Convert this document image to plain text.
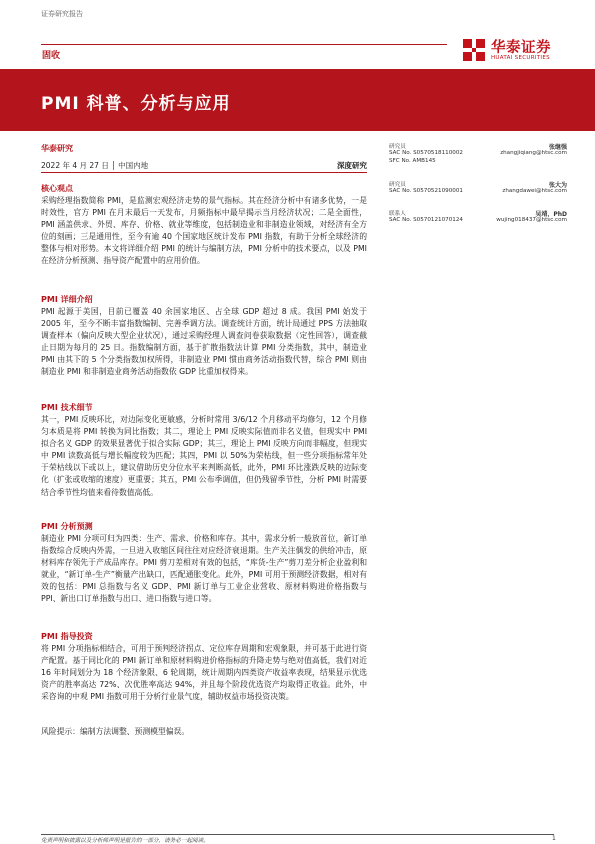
证券研究报告
华泰证券
HUATAI SECURITIES
固收
PMI 科普、分析与应用
华泰研究
2022 年 4 月 27 日 │ 中国内地	深度研究
研究员	张继强
SAC No. S0570518110002	zhangjiqiang@htsc.com
SFC No. AMB145
研究员	张大为
SAC No. S0570521090001	zhangdawei@htsc.com
联系人	吴靖，PhD
SAC No. S0570121070124	wujing018437@htsc.com
核心观点
采购经理指数简称 PMI，是监测宏观经济走势的景气指标。其在经济分析中有诸多优势，一是时效性，官方 PMI 在月末最后一天发布，月频指标中最早揭示当月经济状况；二是全面性，PMI 涵盖供求、外贸、库存、价格、就业等维度，包括制造业和非制造业领域，对经济有全方位的刻画；三是通用性，至今有逾 40 个国家地区统计发布 PMI 指数，有助于分析全球经济的整体与相对形势。本文将详细介绍 PMI 的统计与编制方法，PMI 分析中的技术要点，以及 PMI 在经济分析预测、指导资产配置中的应用价值。
PMI 详细介绍
PMI 起源于美国，目前已覆盖 40 余国家地区、占全球 GDP 超过 8 成。我国 PMI 始发于 2005 年，至今不断丰富指数编制、完善季调方法。调查统计方面，统计局通过 PPS 方法抽取调查样本（偏向反映大型企业状况），通过采购经理人调查问卷获取数据（定性回答），调查截止日期为每月的 25 日。指数编制方面，基于扩散指数法计算 PMI 分类指数，其中，制造业 PMI 由其下的 5 个分类指数加权所得，非制造业 PMI 惯由商务活动指数代替，综合 PMI 则由制造业 PMI 和非制造业商务活动指数依 GDP 比重加权得来。
PMI 技术细节
其一，PMI 反映环比，对边际变化更敏感，分析时常用 3/6/12 个月移动平均修匀，12 个月修匀本质是将 PMI 转换为同比指数；其二，理论上 PMI 反映实际值而非名义值，但现实中 PMI 拟合名义 GDP 的效果显著优于拟合实际 GDP；其三，理论上 PMI 反映方向而非幅度，但现实中 PMI 读数高低与增长幅度较为匹配；其四，PMI 以 50%为荣枯线，但一些分项指标常年处于荣枯线以下或以上，建议借助历史分位水平来判断高低，此外，PMI 环比涨跌反映的边际变化（扩张或收缩的速度）更重要；其五，PMI 公布季调值，但仍残留季节性，分析 PMI 时需要结合季节性均值来看待数值高低。
PMI 分析预测
制造业 PMI 分项可归为四类：生产、需求、价格和库存。其中，需求分析一般放首位，新订单指数综合反映内外需，一旦进入收缩区间往往对应经济衰退期。生产关注偶发的供给冲击，原材料库存领先于产成品库存。PMI 剪刀差相对有效的包括，“库货-生产”剪刀差分析企业盈利和就业，“新订单-生产”衡量产出缺口，匹配通胀变化。此外，PMI 可用于预测经济数据，相对有效的包括：PMI 总指数与名义 GDP、PMI 新订单与工业企业营收、原材料购进价格指数与 PPI、新出口订单指数与出口、进口指数与进口等。
PMI 指导投资
将 PMI 分项指标相结合，可用于预判经济拐点、定位库存周期和宏观象限，并可基于此进行资产配置。基于同比化的 PMI 新订单和原材料购进价格指标的升降走势与绝对值高低，我们对近 16 年时间划分为 18 个经济象限、6 轮周期，统计周期内四类资产收益率表现，结果显示优选资产的胜率高达 72%、次优胜率高达 94%，并且每个阶段优选资产均取得正收益。此外，中采咨询的中观 PMI 指数可用于分析行业景气度，辅助权益市场投资决策。
风险提示：编制方法调整、预测模型偏误。
免责声明和披露以及分析师声明是报告的一部分，请务必一起阅读。	1
